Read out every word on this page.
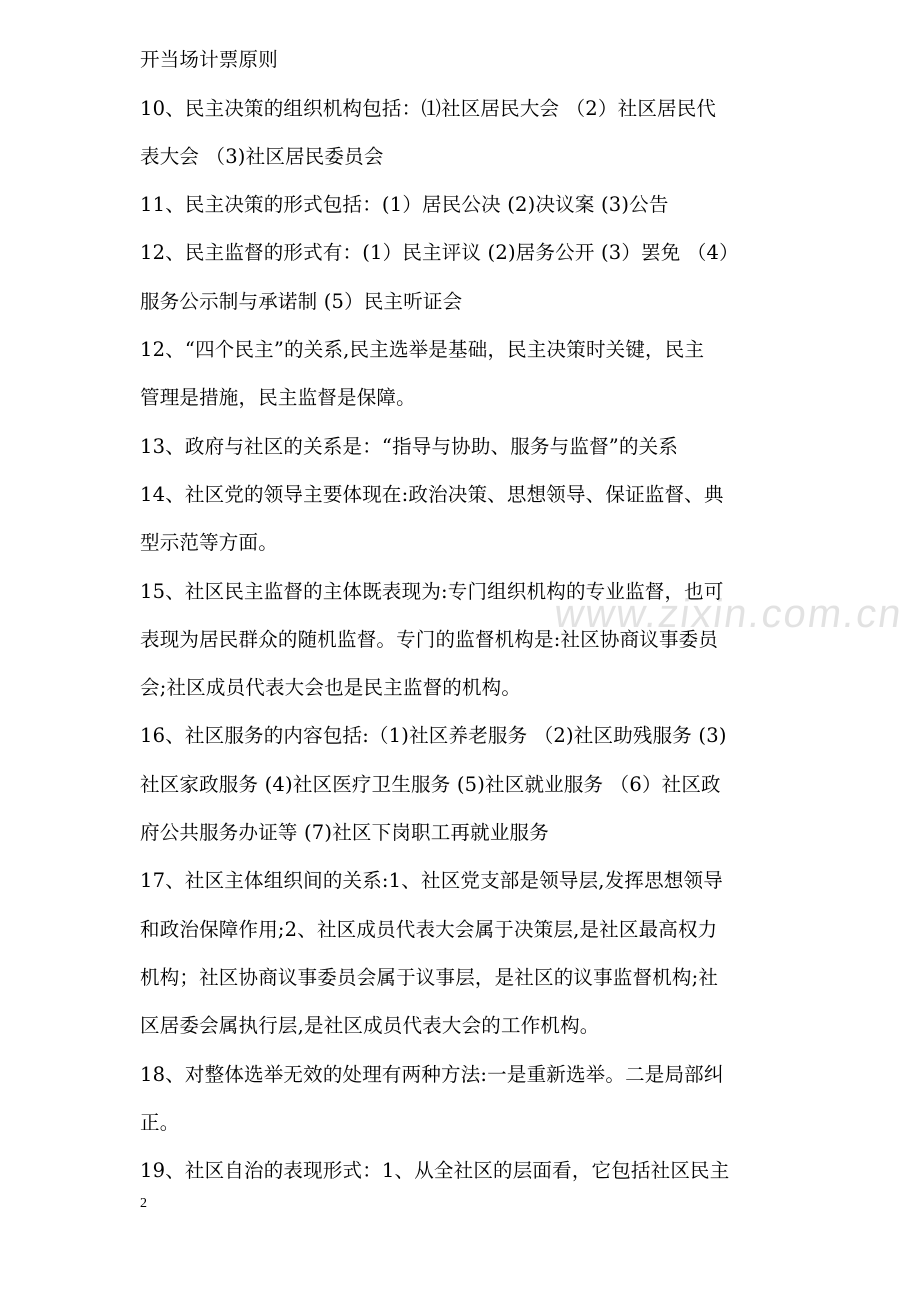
www.zixin.com.cn
开当场计票原则
10、民主决策的组织机构包括：⑴社区居民大会 （2）社区居民代
表大会 （3)社区居民委员会
11、民主决策的形式包括：(1）居民公决 (2)决议案 (3)公告
12、民主监督的形式有：(1）民主评议 (2)居务公开 (3）罢免 （4）
服务公示制与承诺制 (5）民主听证会
12、“四个民主”的关系,民主选举是基础，民主决策时关键，民主
管理是措施，民主监督是保障。
13、政府与社区的关系是：“指导与协助、服务与监督”的关系
14、社区党的领导主要体现在:政治决策、思想领导、保证监督、典
型示范等方面。
15、社区民主监督的主体既表现为:专门组织机构的专业监督，也可
表现为居民群众的随机监督。专门的监督机构是:社区协商议事委员
会;社区成员代表大会也是民主监督的机构。
16、社区服务的内容包括:（1)社区养老服务 （2)社区助残服务 (3)
社区家政服务 (4)社区医疗卫生服务 (5)社区就业服务 （6）社区政
府公共服务办证等 (7)社区下岗职工再就业服务
17、社区主体组织间的关系:1、社区党支部是领导层,发挥思想领导
和政治保障作用;2、社区成员代表大会属于决策层,是社区最高权力
机构；社区协商议事委员会属于议事层，是社区的议事监督机构;社
区居委会属执行层,是社区成员代表大会的工作机构。
18、对整体选举无效的处理有两种方法:一是重新选举。二是局部纠
正。
19、社区自治的表现形式：1、从全社区的层面看，它包括社区民主
2
